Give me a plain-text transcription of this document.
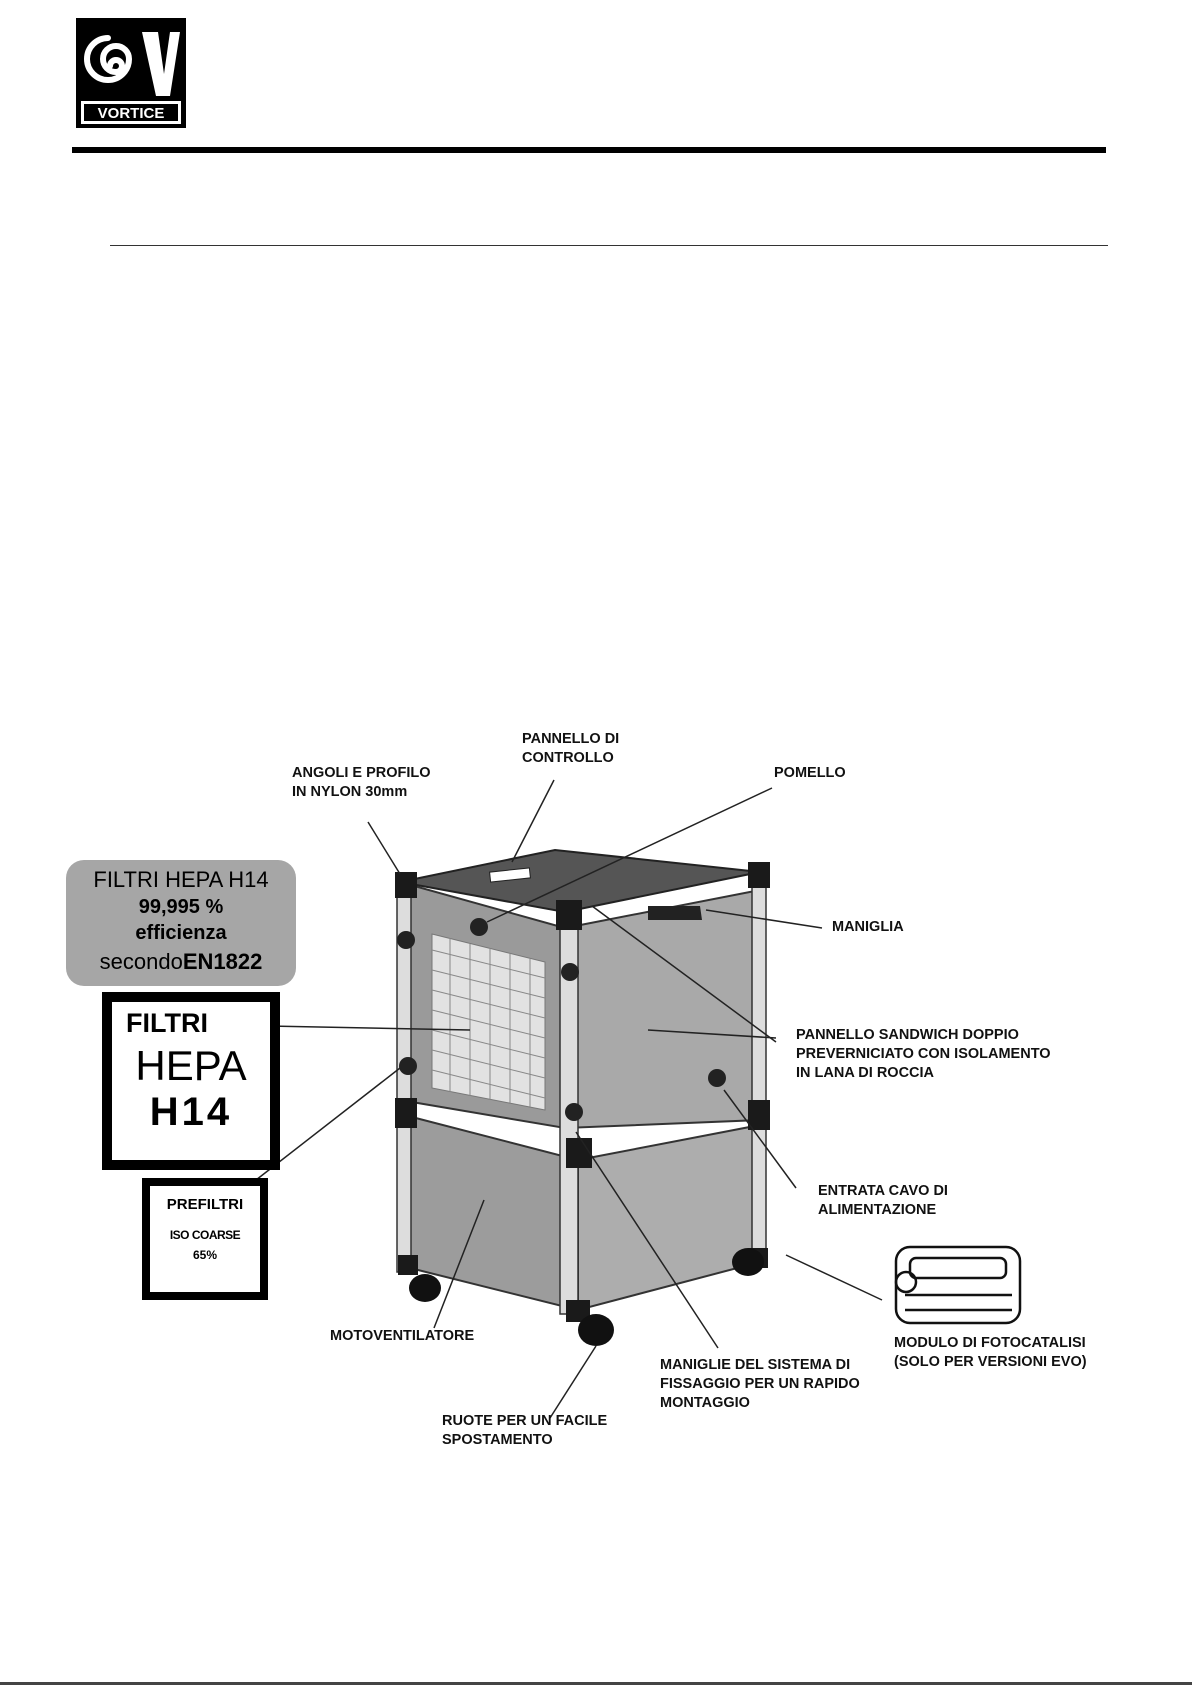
VORTICE
PANNELLO DI
CONTROLLO
ANGOLI E PROFILO
IN NYLON 30mm
POMELLO
MANIGLIA
PANNELLO SANDWICH DOPPIO
PREVERNICIATO CON ISOLAMENTO
IN LANA DI ROCCIA
ENTRATA CAVO DI
ALIMENTAZIONE
MODULO DI FOTOCATALISI
(SOLO PER VERSIONI EVO)
MANIGLIE DEL SISTEMA DI
FISSAGGIO PER UN RAPIDO
MONTAGGIO
RUOTE PER UN FACILE
SPOSTAMENTO
MOTOVENTILATORE
FILTRI HEPA H14
99,995 %
efficienza
secondoEN1822
FILTRI
HEPA
H14
PREFILTRI
ISO COARSE
65%
